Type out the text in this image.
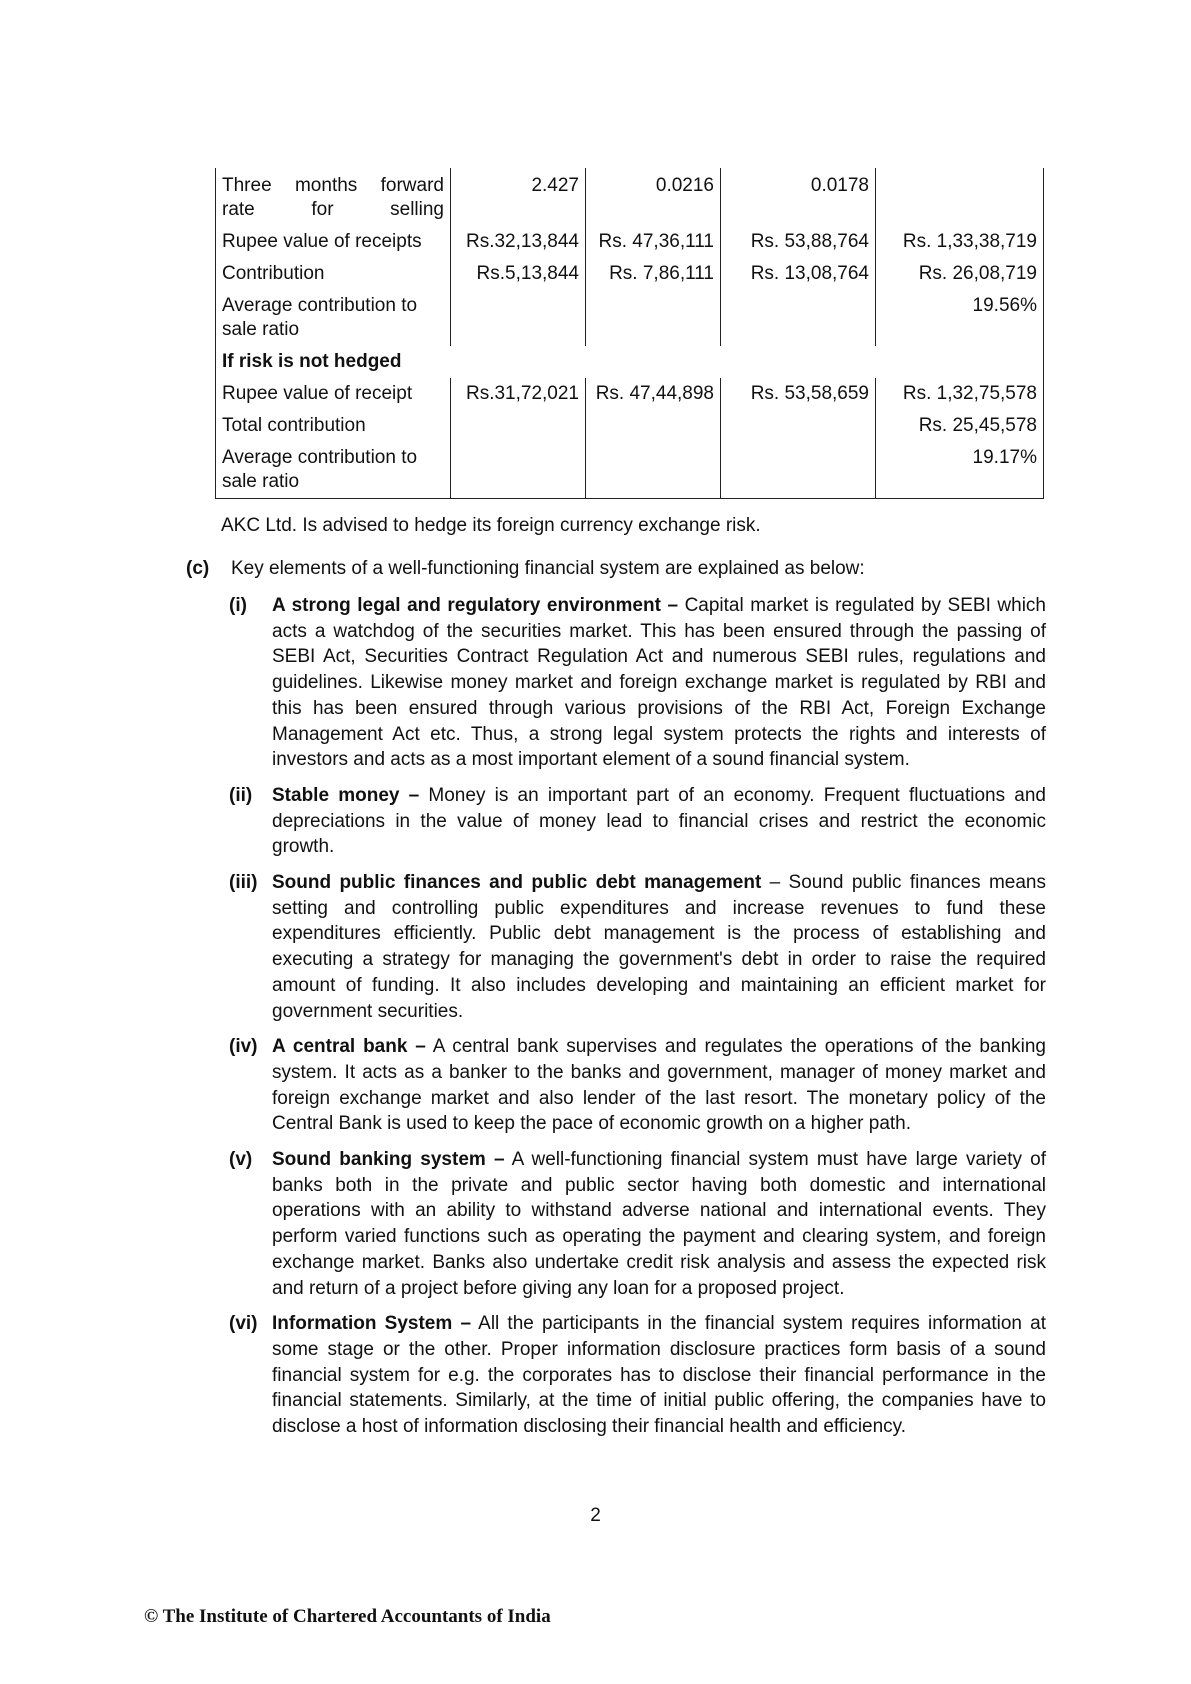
Three months forward rate for selling	2.427	0.0216	0.0178	
Rupee value of receipts	Rs.32,13,844	Rs. 47,36,111	Rs. 53,88,764	Rs. 1,33,38,719
Contribution	Rs.5,13,844	Rs. 7,86,111	Rs. 13,08,764	Rs. 26,08,719
Average contribution to sale ratio				19.56%
If risk is not hedged				
Rupee value of receipt	Rs.31,72,021	Rs. 47,44,898	Rs. 53,58,659	Rs. 1,32,75,578
Total contribution				Rs. 25,45,578
Average contribution to sale ratio				19.17%
AKC Ltd. Is advised to hedge its foreign currency exchange risk.
(c)	Key elements of a well-functioning financial system are explained as below:
(i)	A strong legal and regulatory environment – Capital market is regulated by SEBI which acts a watchdog of the securities market. This has been ensured through the passing of SEBI Act, Securities Contract Regulation Act and numerous SEBI rules, regulations and guidelines. Likewise money market and foreign exchange market is regulated by RBI and this has been ensured through various provisions of the RBI Act, Foreign Exchange Management Act etc. Thus, a strong legal system protects the rights and interests of investors and acts as a most important element of a sound financial system.
(ii)	Stable money – Money is an important part of an economy. Frequent fluctuations and depreciations in the value of money lead to financial crises and restrict the economic growth.
(iii) Sound public finances and public debt management – Sound public finances means setting and controlling public expenditures and increase revenues to fund these expenditures efficiently. Public debt management is the process of establishing and executing a strategy for managing the government's debt in order to raise the required amount of funding. It also includes developing and maintaining an efficient market for government securities.
(iv) A central bank – A central bank supervises and regulates the operations of the banking system. It acts as a banker to the banks and government, manager of money market and foreign exchange market and also lender of the last resort. The monetary policy of the Central Bank is used to keep the pace of economic growth on a higher path.
(v)	Sound banking system – A well-functioning financial system must have large variety of banks both in the private and public sector having both domestic and international operations with an ability to withstand adverse national and international events. They perform varied functions such as operating the payment and clearing system, and foreign exchange market. Banks also undertake credit risk analysis and assess the expected risk and return of a project before giving any loan for a proposed project.
(vi) Information System – All the participants in the financial system requires information at some stage or the other. Proper information disclosure practices form basis of a sound financial system for e.g. the corporates has to disclose their financial performance in the financial statements. Similarly, at the time of initial public offering, the companies have to disclose a host of information disclosing their financial health and efficiency.
2
© The Institute of Chartered Accountants of India
